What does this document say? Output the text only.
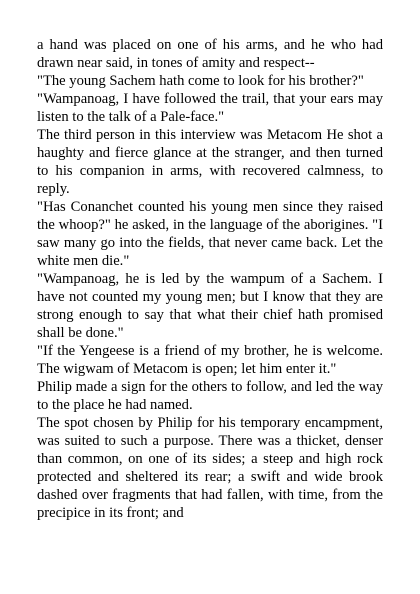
a hand was placed on one of his arms, and he who had drawn near said, in tones of amity and respect--

"The young Sachem hath come to look for his brother?"

"Wampanoag, I have followed the trail, that your ears may listen to the talk of a Pale-face."

The third person in this interview was Metacom He shot a haughty and fierce glance at the stranger, and then turned to his companion in arms, with recovered calmness, to reply.

"Has Conanchet counted his young men since they raised the whoop?" he asked, in the language of the aborigines. "I saw many go into the fields, that never came back. Let the white men die."

"Wampanoag, he is led by the wampum of a Sachem. I have not counted my young men; but I know that they are strong enough to say that what their chief hath promised shall be done."

"If the Yengeese is a friend of my brother, he is welcome. The wigwam of Metacom is open; let him enter it."

Philip made a sign for the others to follow, and led the way to the place he had named.

The spot chosen by Philip for his temporary encampment, was suited to such a purpose. There was a thicket, denser than common, on one of its sides; a steep and high rock protected and sheltered its rear; a swift and wide brook dashed over fragments that had fallen, with time, from the precipice in its front; and
